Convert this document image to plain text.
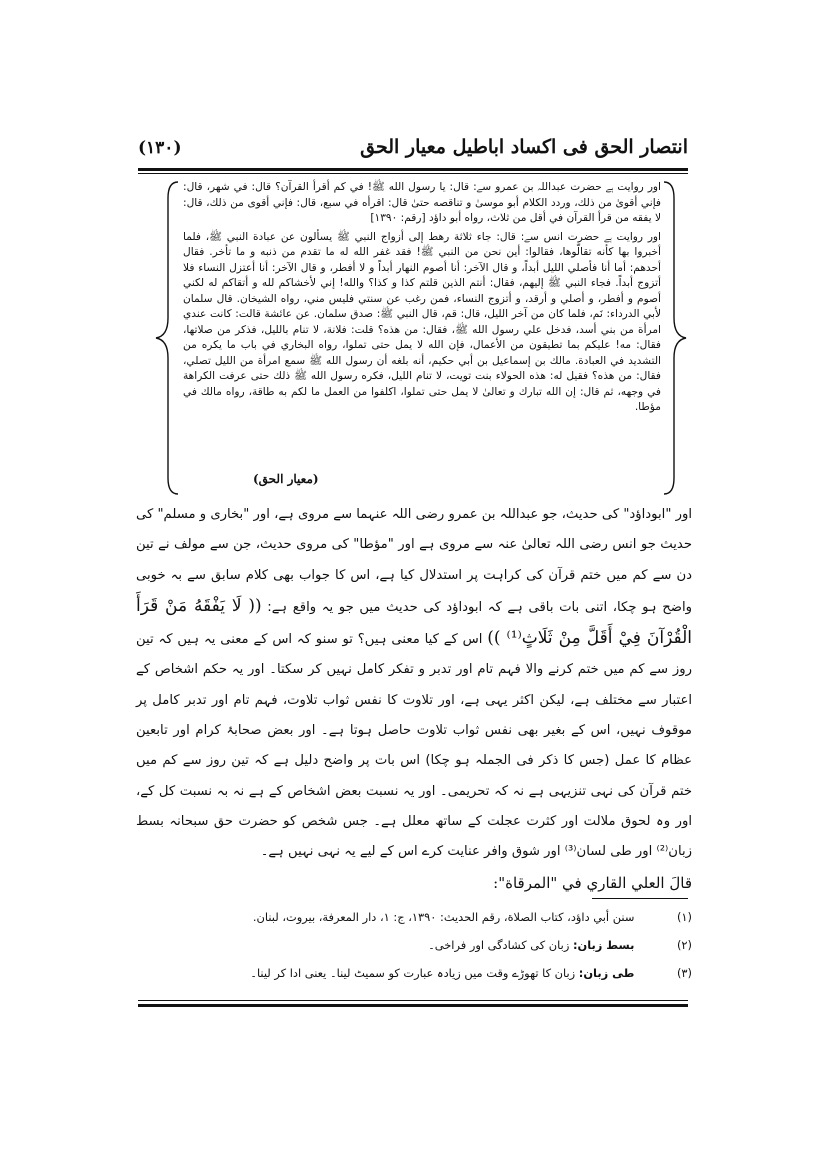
انتصار الحق فى اكساد اباطيل معيار الحق
(۱۳۰)

اور روایت ہے حضرت عبداللہ بن عمرو سے: قال: یا رسول الله ﷺ! في کم أقرأ القرآن؟ قال: في شهر، قال: فإني أقوىٰ من ذلك، وردد الكلام أبو موسىٰ و تناقصه حتىٰ قال: اقرأه في سبع، قال: فإني أقوى من ذلك، قال: لا يفقه من قرأ القرآن في أقل من ثلاث، رواه أبو داؤد [رقم: ۱۳۹۰]

اور روایت ہے حضرت انس سے: قال: جاء ثلاثة رهط إلى أزواج النبي ﷺ يسألون عن عبادة النبي ﷺ، فلما أخبروا بها كأنه تقالّوها، فقالوا: أين نحن من النبي ﷺ! فقد غفر الله له ما تقدم من ذنبه و ما تأخر. فقال أحدهم: أما أنا فأصلي الليل أبداً، و قال الآخر: أنا أصوم النهار أبداً و لا أفطر، و قال الآخر: أنا أعتزل النساء فلا أتزوج أبداً. فجاء النبي ﷺ إليهم، فقال: أنتم الذين قلتم كذا و كذا؟ والله! إني لأخشاكم لله و أتقاكم له لكني أصوم و أفطر، و أصلي و أرقد، و أتزوج النساء، فمن رغب عن سنتي فليس مني، رواه الشيخان. قال سلمان لأبي الدرداء: نَم، فلما كان من آخر الليل، قال: قم، قال النبي ﷺ: صدق سلمان. عن عائشة قالت: كانت عندي امرأة من بني أسد، فدخل علي رسول الله ﷺ، فقال: من هذه؟ قلت: فلانة، لا تنام بالليل، فذكر من صلاتها، فقال: مه! عليكم بما تطيقون من الأعمال، فإن الله لا يمل حتى تملوا، رواه البخاري في باب ما يكره من التشديد في العبادة. مالك بن إسماعيل بن أبي حكيم، أنه بلغه أن رسول الله ﷺ سمع امرأة من الليل تصلي، فقال: من هذه؟ فقيل له: هذه الحولاء بنت تويت، لا تنام الليل، فكره رسول الله ﷺ ذلك حتى عرفت الكراهة في وجهه، ثم قال: إن الله تبارك و تعالىٰ لا يمل حتى تملوا، اكلفوا من العمل ما لكم به طاقة، رواه مالك في مؤطا.

(معیار الحق)

اور "ابوداؤد" کی حدیث، جو عبداللہ بن عمرو رضی اللہ عنہما سے مروی ہے، اور "بخاری و مسلم" کی حدیث جو انس رضی اللہ تعالیٰ عنہ سے مروی ہے اور "مؤطا" کی مروی حدیث، جن سے مولف نے تین دن سے کم میں ختم قرآن کی کراہت پر استدلال کیا ہے، اس کا جواب بھی کلام سابق سے بہ خوبی واضح ہو چکا، اتنی بات باقی ہے کہ ابوداؤد کی حدیث میں جو یہ واقع ہے: (( لَا يَفْقَهُ مَنْ قَرَأَ الْقُرْآنَ فِيْ أَقَلَّ مِنْ ثَلَاثٍ⁽¹⁾ )) اس کے کیا معنی ہیں؟ تو سنو کہ اس کے معنی یہ ہیں کہ تین روز سے کم میں ختم کرنے والا فہم تام اور تدبر و تفکر کامل نہیں کر سکتا۔ اور یہ حکم اشخاص کے اعتبار سے مختلف ہے، لیکن اکثر یہی ہے، اور تلاوت کا نفس ثواب تلاوت، فہم تام اور تدبر کامل پر موقوف نہیں، اس کے بغیر بھی نفس ثواب تلاوت حاصل ہوتا ہے۔ اور بعض صحابۂ کرام اور تابعین عظام کا عمل (جس کا ذکر فی الجملہ ہو چکا) اس بات پر واضح دلیل ہے کہ تین روز سے کم میں ختم قرآن کی نہی تنزیہی ہے نہ کہ تحریمی۔ اور یہ نسبت بعض اشخاص کے ہے نہ بہ نسبت کل کے، اور وہ لحوق ملالت اور کثرت عجلت کے ساتھ معلل ہے۔ جس شخص کو حضرت حق سبحانہ بسط زبان⁽²⁾ اور طی لسان⁽³⁾ اور شوق وافر عنایت کرے اس کے لیے یہ نہی نہیں ہے۔

قالَ العلي القاري في "المرقاة":

(۱) سنن أبي داؤد، كتاب الصلاة، رقم الحديث: ۱۳۹۰، ج: ۱، دار المعرفة، بيروت، لبنان.
(۲) بسط زبان: زبان کی کشادگی اور فراخی۔
(۳) طی زبان: زبان کا تھوڑے وقت میں زیادہ عبارت کو سمیٹ لینا۔ یعنی ادا کر لینا۔
